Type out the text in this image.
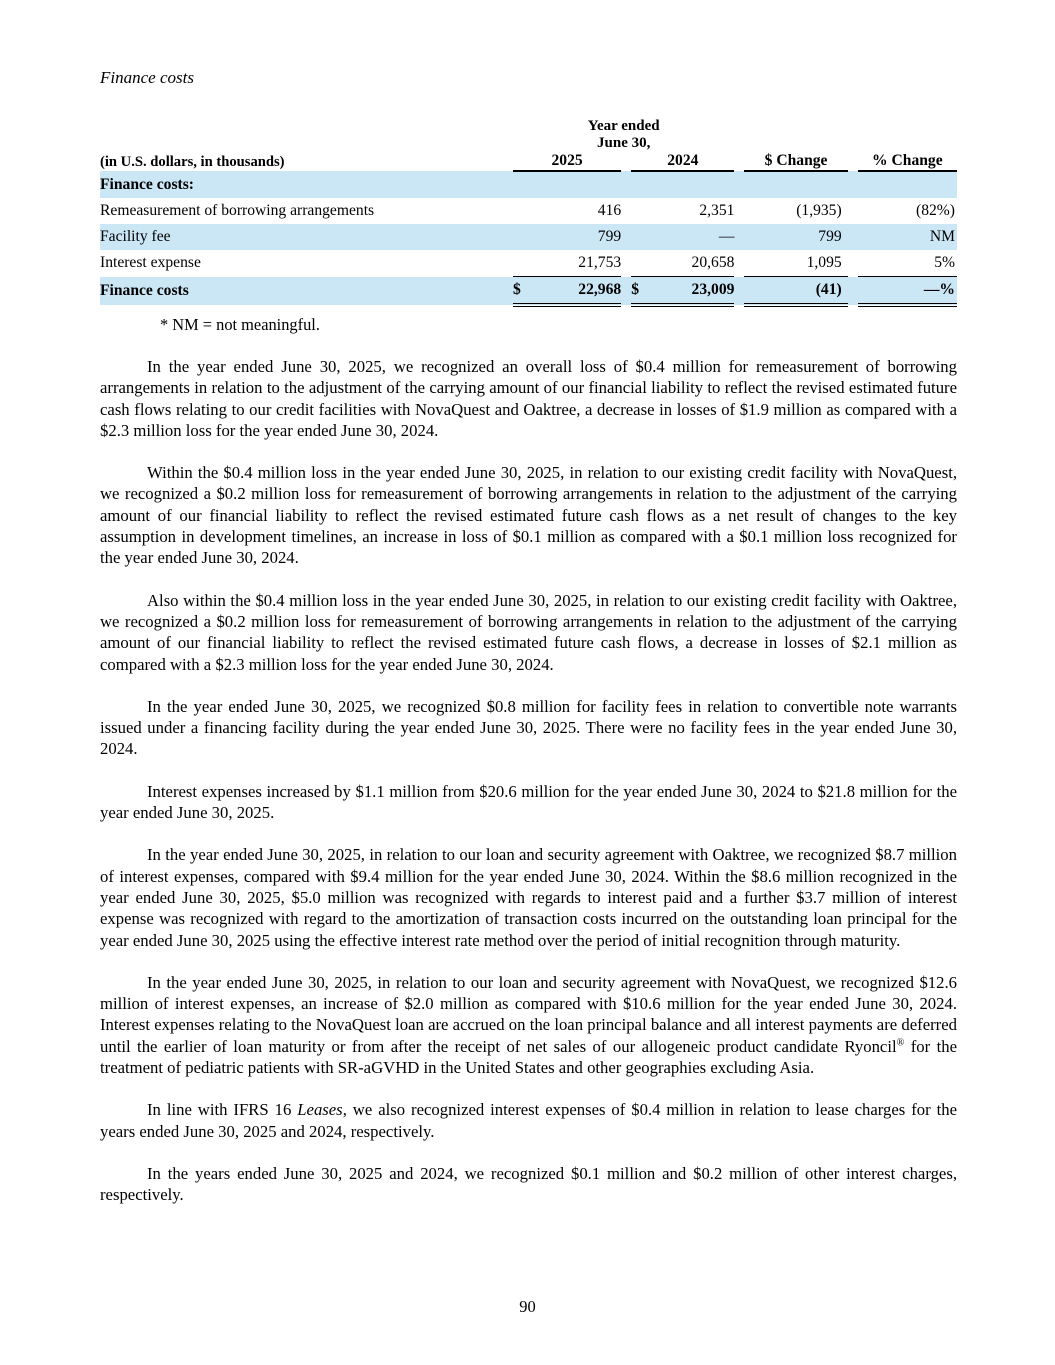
Finance costs

	Year ended
June 30,								

(in U.S. dollars, in thousands)	2025			2024			$ Change		% Change
Finance costs:									
Remeasurement of borrowing arrangements		416			2,351		(1,935)		(82%)
Facility fee		799			—		799		NM
Interest expense		21,753			20,658		1,095		5%
Finance costs	$	22,968		$	23,009		(41)		—%
* NM = not meaningful.

In the year ended June 30, 2025, we recognized an overall loss of $0.4 million for remeasurement of borrowing arrangements in relation to the adjustment of the carrying amount of our financial liability to reflect the revised estimated future cash flows relating to our credit facilities with NovaQuest and Oaktree, a decrease in losses of $1.9 million as compared with a $2.3 million loss for the year ended June 30, 2024.

Within the $0.4 million loss in the year ended June 30, 2025, in relation to our existing credit facility with NovaQuest, we recognized a $0.2 million loss for remeasurement of borrowing arrangements in relation to the adjustment of the carrying amount of our financial liability to reflect the revised estimated future cash flows as a net result of changes to the key assumption in development timelines, an increase in loss of $0.1 million as compared with a $0.1 million loss recognized for the year ended June 30, 2024.

Also within the $0.4 million loss in the year ended June 30, 2025, in relation to our existing credit facility with Oaktree, we recognized a $0.2 million loss for remeasurement of borrowing arrangements in relation to the adjustment of the carrying amount of our financial liability to reflect the revised estimated future cash flows, a decrease in losses of $2.1 million as compared with a $2.3 million loss for the year ended June 30, 2024.

In the year ended June 30, 2025, we recognized $0.8 million for facility fees in relation to convertible note warrants issued under a financing facility during the year ended June 30, 2025. There were no facility fees in the year ended June 30, 2024.

Interest expenses increased by $1.1 million from $20.6 million for the year ended June 30, 2024 to $21.8 million for the year ended June 30, 2025.

In the year ended June 30, 2025, in relation to our loan and security agreement with Oaktree, we recognized $8.7 million of interest expenses, compared with $9.4 million for the year ended June 30, 2024. Within the $8.6 million recognized in the year ended June 30, 2025, $5.0 million was recognized with regards to interest paid and a further $3.7 million of interest expense was recognized with regard to the amortization of transaction costs incurred on the outstanding loan principal for the year ended June 30, 2025 using the effective interest rate method over the period of initial recognition through maturity.

In the year ended June 30, 2025, in relation to our loan and security agreement with NovaQuest, we recognized $12.6 million of interest expenses, an increase of $2.0 million as compared with $10.6 million for the year ended June 30, 2024. Interest expenses relating to the NovaQuest loan are accrued on the loan principal balance and all interest payments are deferred until the earlier of loan maturity or from after the receipt of net sales of our allogeneic product candidate Ryoncil® for the treatment of pediatric patients with SR-aGVHD in the United States and other geographies excluding Asia.

In line with IFRS 16 Leases, we also recognized interest expenses of $0.4 million in relation to lease charges for the years ended June 30, 2025 and 2024, respectively.

In the years ended June 30, 2025 and 2024, we recognized $0.1 million and $0.2 million of other interest charges, respectively.

90
